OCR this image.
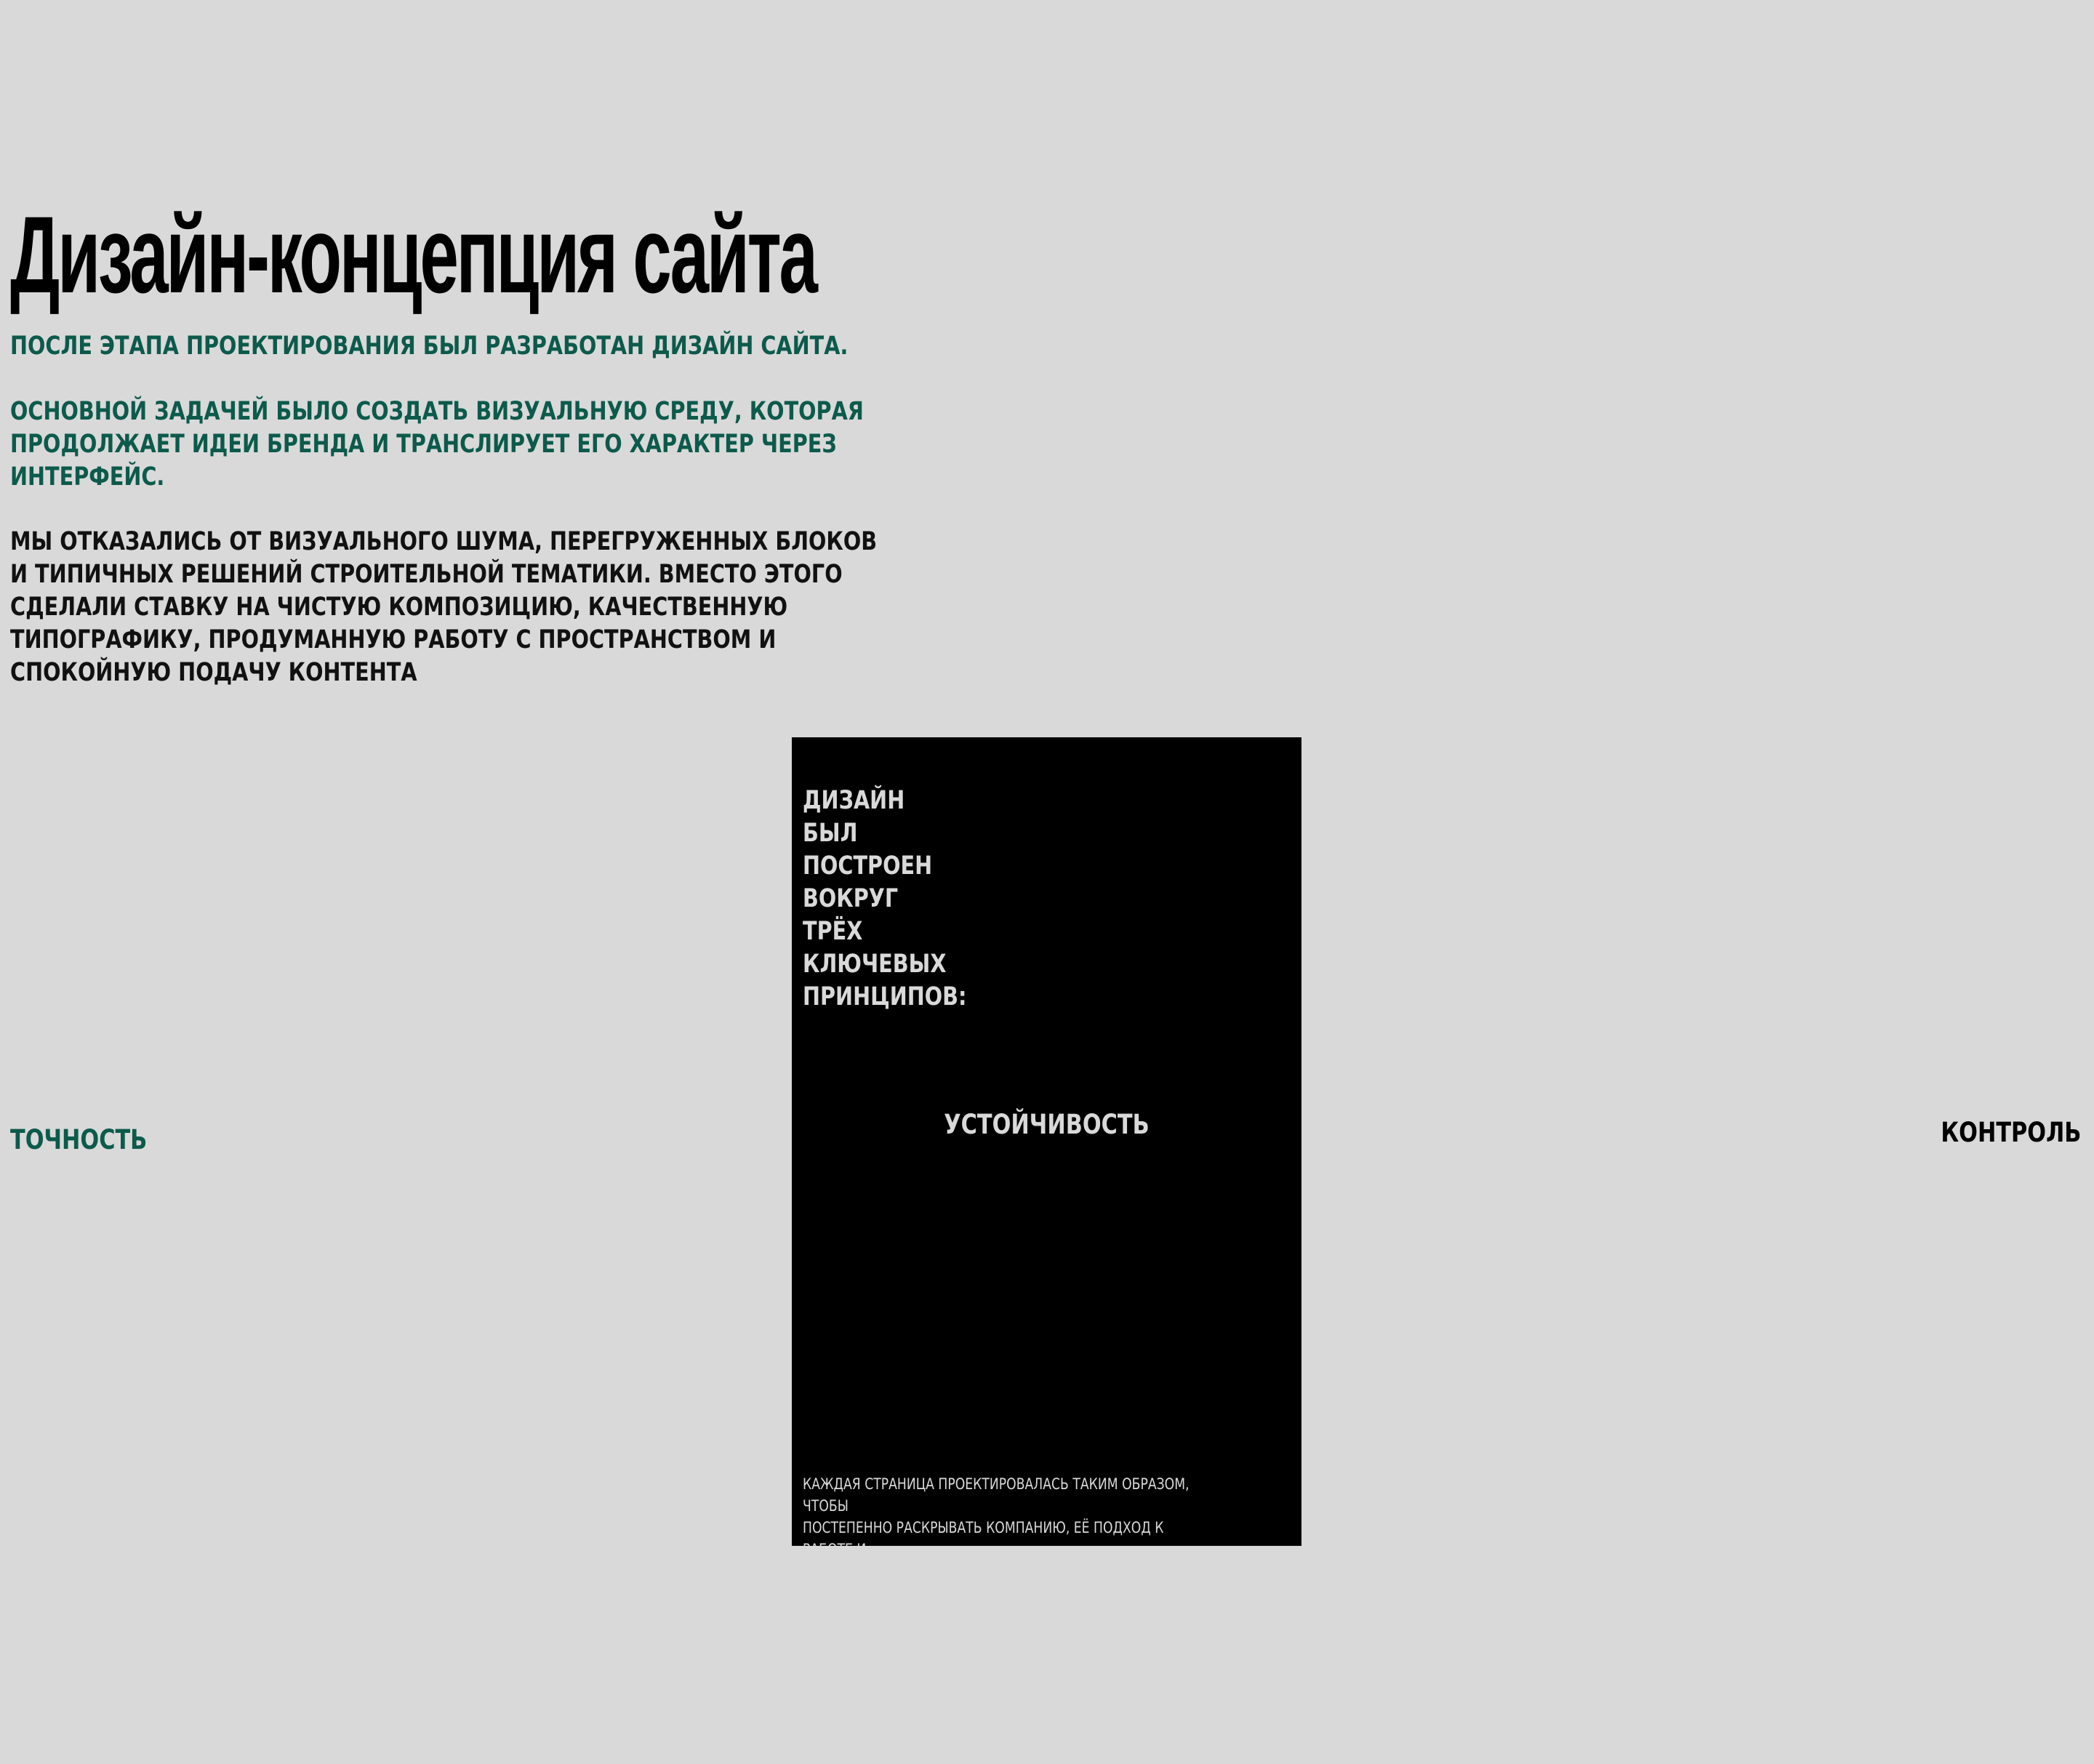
Дизайн-концепция сайта

ПОСЛЕ ЭТАПА ПРОЕКТИРОВАНИЯ БЫЛ РАЗРАБОТАН ДИЗАЙН САЙТА.

ОСНОВНОЙ ЗАДАЧЕЙ БЫЛО СОЗДАТЬ ВИЗУАЛЬНУЮ СРЕДУ, КОТОРАЯ
ПРОДОЛЖАЕТ ИДЕИ БРЕНДА И ТРАНСЛИРУЕТ ЕГО ХАРАКТЕР ЧЕРЕЗ
ИНТЕРФЕЙС.

МЫ ОТКАЗАЛИСЬ ОТ ВИЗУАЛЬНОГО ШУМА, ПЕРЕГРУЖЕННЫХ БЛОКОВ
И ТИПИЧНЫХ РЕШЕНИЙ СТРОИТЕЛЬНОЙ ТЕМАТИКИ. ВМЕСТО ЭТОГО
СДЕЛАЛИ СТАВКУ НА ЧИСТУЮ КОМПОЗИЦИЮ, КАЧЕСТВЕННУЮ
ТИПОГРАФИКУ, ПРОДУМАННУЮ РАБОТУ С ПРОСТРАНСТВОМ И
СПОКОЙНУЮ ПОДАЧУ КОНТЕНТА

ТОЧНОСТЬ

ДИЗАЙН
БЫЛ
ПОСТРОЕН
ВОКРУГ
ТРЁХ
КЛЮЧЕВЫХ
ПРИНЦИПОВ:

УСТОЙЧИВОСТЬ

КАЖДАЯ СТРАНИЦА ПРОЕКТИРОВАЛАСЬ ТАКИМ ОБРАЗОМ, ЧТОБЫ
ПОСТЕПЕННО РАСКРЫВАТЬ КОМПАНИЮ, ЕЁ ПОДХОД К РАБОТЕ И
УРОВЕНЬ РЕАЛИЗУЕМЫХ ПРОЕКТОВ

КОНТРОЛЬ
